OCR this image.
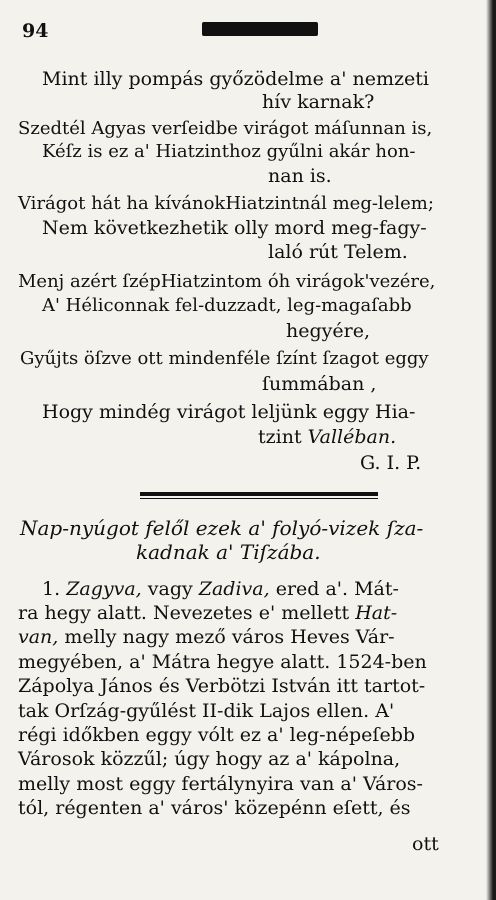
94
Mint illy pompás győzödelme a' nemzeti
hív karnak?
Szedtél Agyas verſeidbe virágot máſunnan is,
Kéſz is ez a' Hiatzinthoz gyűlni akár hon-
nan is.
Virágot hát ha kívánokHiatzintnál meg-lelem;
Nem következhetik olly mord meg-fagy-
laló rút Telem.
Menj azért ſzépHiatzintom óh virágok'vezére,
A' Héliconnak fel-duzzadt, leg-magaſabb
hegyére,
Gyűjts öſzve ott mindenféle ſzínt ſzagot eggy
ſummában ,
Hogy mindég virágot leljünk eggy Hia-
tzint Valléban.
G. I. P.
Nap-nyúgot felől ezek a' folyó-vizek ſza-
kadnak a' Tiſzába.
1. Zagyva, vagy Zadiva, ered a'. Mát-
ra hegy alatt. Nevezetes e' mellett Hat-
van, melly nagy mező város Heves Vár-
megyében, a' Mátra hegye alatt. 1524-ben
Zápolya János és Verbötzi István itt tartot-
tak Orſzág-gyűlést II-dik Lajos ellen. A'
régi időkben eggy vólt ez a' leg-népeſebb
Városok közzűl; úgy hogy az a' kápolna,
melly most eggy fertálynyira van a' Város-
tól, régenten a' város' közepénn eſett, és
ott
